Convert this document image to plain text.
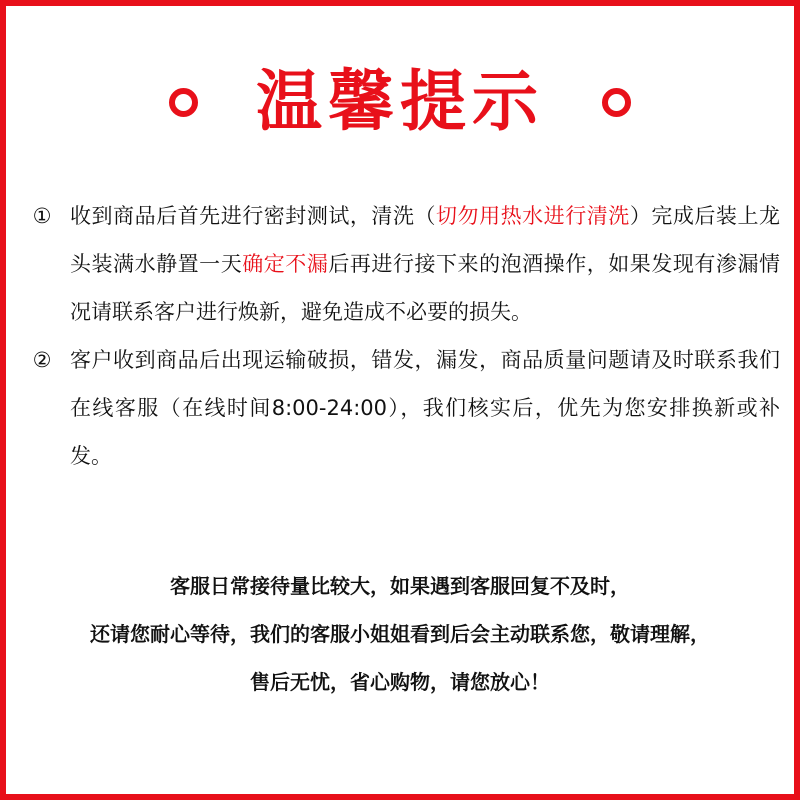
温馨提示
① 收到商品后首先进行密封测试，清洗（切勿用热水进行清洗）完成后装上龙头装满水静置一天确定不漏后再进行接下来的泡酒操作，如果发现有渗漏情况请联系客户进行焕新，避免造成不必要的损失。
② 客户收到商品后出现运输破损，错发，漏发，商品质量问题请及时联系我们在线客服（在线时间8:00-24:00），我们核实后，优先为您安排换新或补发。
客服日常接待量比较大，如果遇到客服回复不及时，
还请您耐心等待，我们的客服小姐姐看到后会主动联系您，敬请理解，
售后无忧，省心购物，请您放心！
